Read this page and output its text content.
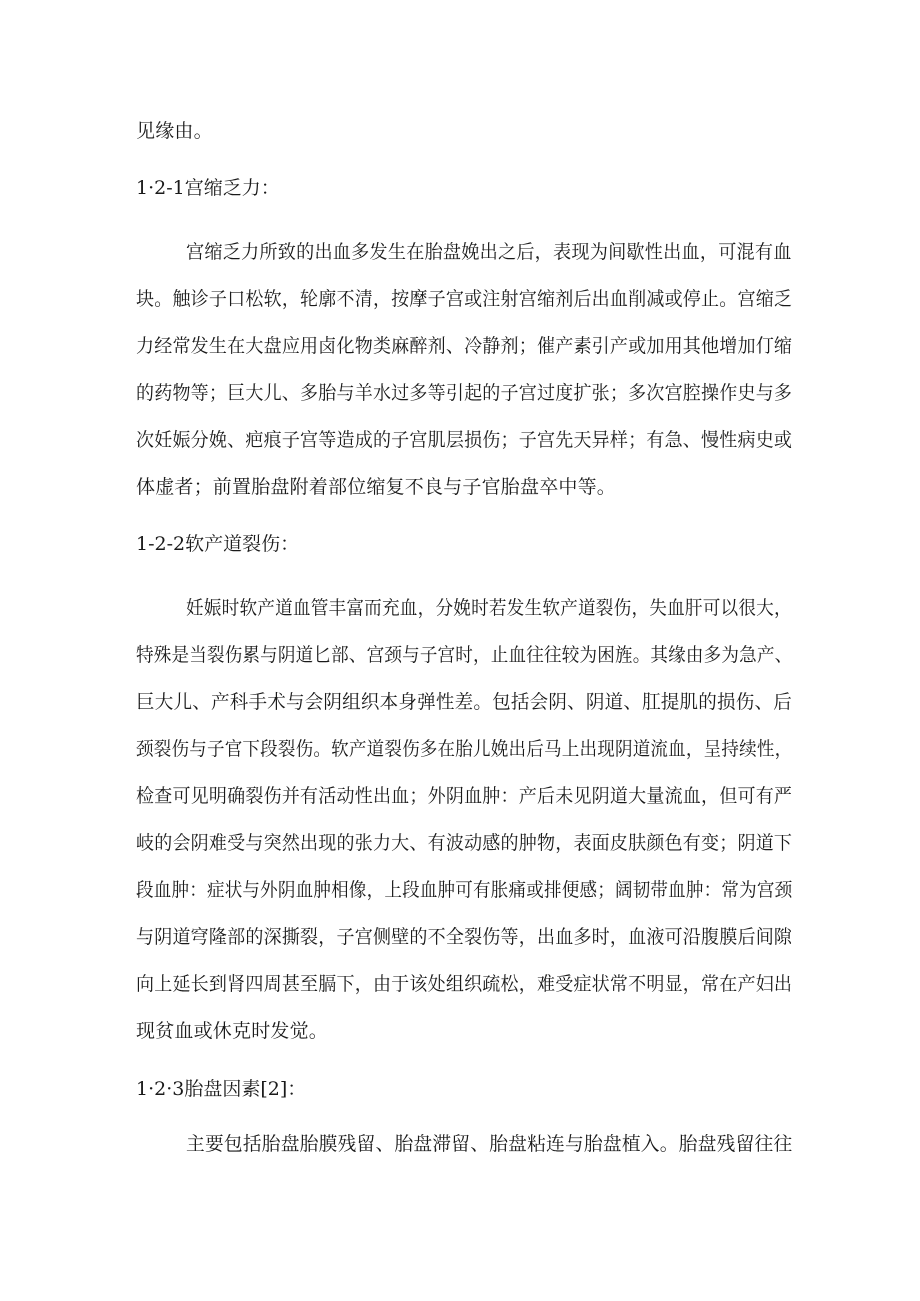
见缘由。
1·2-1宫缩乏力：
宫缩乏力所致的出血多发生在胎盘娩出之后，表现为间歇性出血，可混有血
块。触诊子口松软，轮廓不清，按摩子宫或注射宫缩剂后出血削减或停止。宫缩乏
力经常发生在大盘应用卤化物类麻醉剂、冷静剂；催产素引产或加用其他增加仃缩
的药物等；巨大儿、多胎与羊水过多等引起的子宫过度扩张；多次宫腔操作史与多
次妊娠分娩、疤痕子宫等造成的子宫肌层损伤；子宫先天异样；有急、慢性病史或
体虚者；前置胎盘附着部位缩复不良与子官胎盘卒中等。
1-2-2软产道裂伤：
妊娠时软产道血管丰富而充血，分娩时若发生软产道裂伤，失血肝可以很大，
特殊是当裂伤累与阴道匕部、宫颈与子宫时，止血往往较为困旌。其缘由多为急产、
巨大儿、产科手术与会阴组织本身弹性差。包括会阴、阴道、肛提肌的损伤、后
颈裂伤与子官下段裂伤。软产道裂伤多在胎儿娩出后马上出现阴道流血，呈持续性，
检查可见明确裂伤并有活动性出血；外阴血肿：产后未见阴道大量流血，但可有严
岐的会阴难受与突然出现的张力大、有波动感的肿物，表面皮肤颜色有变；阴道下
段血肿：症状与外阴血肿相像，上段血肿可有胀痛或排便感；阔韧带血肿：常为宫颈
与阴道穹隆部的深撕裂，子宫侧壁的不全裂伤等，出血多时，血液可沿腹膜后间隙
向上延长到肾四周甚至膈下，由于该处组织疏松，难受症状常不明显，常在产妇出
现贫血或休克时发觉。
1·2·3胎盘因素[2]：
主要包括胎盘胎膜残留、胎盘滞留、胎盘粘连与胎盘植入。胎盘残留往往
